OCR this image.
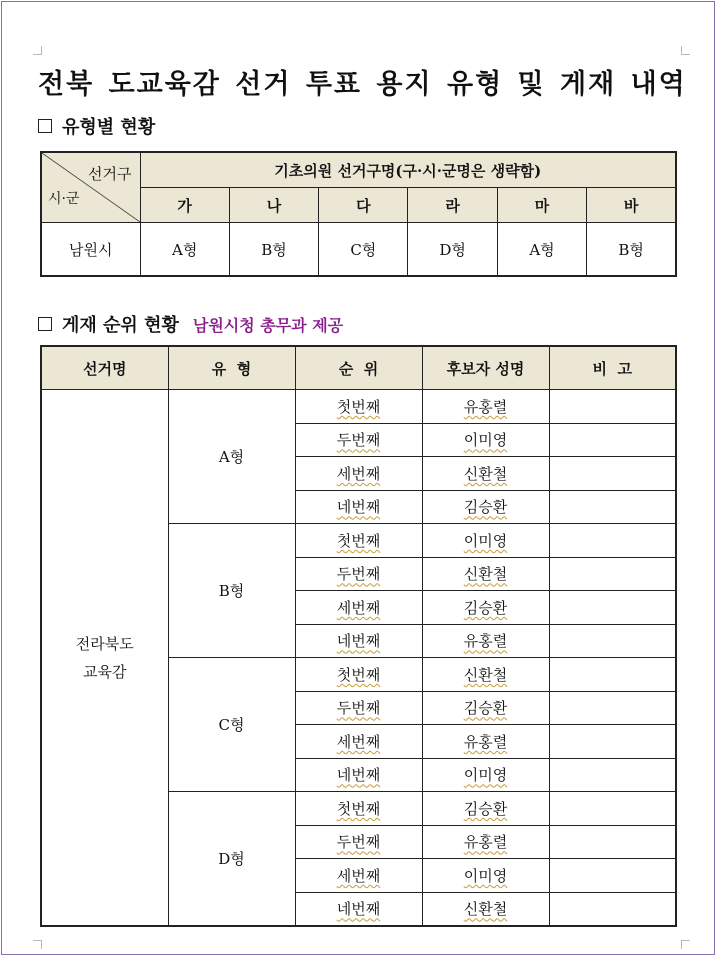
전북 도교육감 선거 투표 용지 유형 및 게재 내역
유형별 현황
선거구
시·군	기초의원 선거구명(구·시·군명은 생략함)					
	가	나	다	라	마	바
남원시	A형	B형	C형	D형	A형	B형
게재 순위 현황 남원시청 총무과 제공
선거명	유  형	순  위	후보자 성명	비  고
전라북도
교육감	A형	첫번째	유홍렬	
		두번째	이미영	
		세번째	신환철	
		네번째	김승환	
	B형	첫번째	이미영	
		두번째	신환철	
		세번째	김승환	
		네번째	유홍렬	
	C형	첫번째	신환철	
		두번째	김승환	
		세번째	유홍렬	
		네번째	이미영	
	D형	첫번째	김승환	
		두번째	유홍렬	
		세번째	이미영	
		네번째	신환철	
